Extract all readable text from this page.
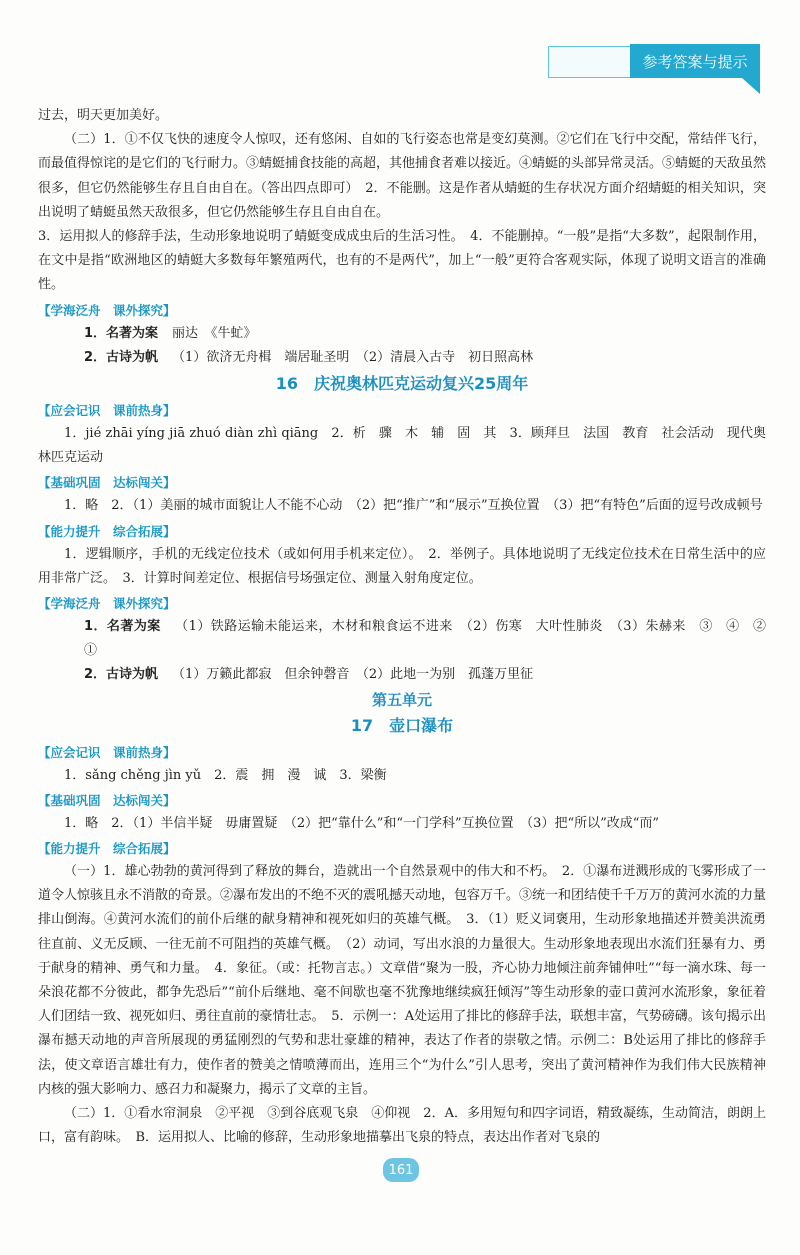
参考答案与提示

过去，明天更加美好。

（二）1．①不仅飞快的速度令人惊叹，还有悠闲、自如的飞行姿态也常是变幻莫测。②它们在飞行中交配，常结伴飞行，而最值得惊诧的是它们的飞行耐力。③蜻蜓捕食技能的高超，其他捕食者难以接近。④蜻蜓的头部异常灵活。⑤蜻蜓的天敌虽然很多，但它仍然能够生存且自由自在。（答出四点即可）　2．不能删。这是作者从蜻蜓的生存状况方面介绍蜻蜓的相关知识，突出说明了蜻蜓虽然天敌很多，但它仍然能够生存且自由自在。

3．运用拟人的修辞手法，生动形象地说明了蜻蜓变成成虫后的生活习性。　4．不能删掉。“一般”是指“大多数”，起限制作用，在文中是指“欧洲地区的蜻蜓大多数每年繁殖两代，也有的不是两代”，加上“一般”更符合客观实际，体现了说明文语言的准确性。

【学海泛舟　课外探究】

1．名著为案 丽达　《牛虻》

2．古诗为帆 （1）欲济无舟楫　端居耻圣明　（2）清晨入古寺　初日照高林

16　庆祝奥林匹克运动复兴25周年
【应会记识　课前热身】

1．jié zhāi yíng jiā zhuó diàn zhì qiāng　2．析　骤　木　辅　固　其　3．顾拜旦　法国　教育　社会活动　现代奥林匹克运动

【基础巩固　达标闯关】

1．略　2．（1）美丽的城市面貌让人不能不心动　（2）把“推广”和“展示”互换位置　（3）把“有特色”后面的逗号改成顿号

【能力提升　综合拓展】

1．逻辑顺序，手机的无线定位技术（或如何用手机来定位）。　2．举例子。具体地说明了无线定位技术在日常生活中的应用非常广泛。　3．计算时间差定位、根据信号场强定位、测量入射角度定位。

【学海泛舟　课外探究】

1．名著为案 （1）铁路运输未能运来，木材和粮食运不进来　（2）伤寒　大叶性肺炎　（3）朱赫来　③　④　②　①

2．古诗为帆 （1）万籁此都寂　但余钟磬音　（2）此地一为别　孤蓬万里征

第五单元
17　壶口瀑布
【应会记识　课前热身】

1．sǎng chěng jìn yǔ　2．震　拥　漫　诚　3．梁衡

【基础巩固　达标闯关】

1．略　2．（1）半信半疑　毋庸置疑　（2）把“靠什么”和“一门学科”互换位置　（3）把“所以”改成“而”

【能力提升　综合拓展】

（一）1．雄心勃勃的黄河得到了释放的舞台，造就出一个自然景观中的伟大和不朽。　2．①瀑布迸溅形成的飞雾形成了一道令人惊骇且永不消散的奇景。②瀑布发出的不绝不灭的震吼撼天动地，包容万千。③统一和团结使千千万万的黄河水流的力量排山倒海。④黄河水流们的前仆后继的献身精神和视死如归的英雄气概。　3．（1）贬义词褒用，生动形象地描述并赞美洪流勇往直前、义无反顾、一往无前不可阻挡的英雄气概。　（2）动词，写出水浪的力量很大。生动形象地表现出水流们狂暴有力、勇于献身的精神、勇气和力量。　4．象征。（或：托物言志。）文章借“聚为一股，齐心协力地倾注前奔铺伸吐”“每一滴水珠、每一朵浪花都不分彼此，都争先恐后”“前仆后继地、毫不间歇也毫不犹豫地继续疯狂倾泻”等生动形象的壶口黄河水流形象，象征着人们团结一致、视死如归、勇往直前的豪情壮志。　5．示例一：A处运用了排比的修辞手法，联想丰富，气势磅礴。该句揭示出瀑布撼天动地的声音所展现的勇猛刚烈的气势和悲壮豪雄的精神，表达了作者的崇敬之情。示例二：B处运用了排比的修辞手法，使文章语言雄壮有力，使作者的赞美之情喷薄而出，连用三个“为什么”引人思考，突出了黄河精神作为我们伟大民族精神内核的强大影响力、感召力和凝聚力，揭示了文章的主旨。

（二）1．①看水帘洞泉　②平视　③到谷底观飞泉　④仰视　2．A．多用短句和四字词语，精致凝练，生动简洁，朗朗上口，富有韵味。　B．运用拟人、比喻的修辞，生动形象地描摹出飞泉的特点，表达出作者对飞泉的

161
